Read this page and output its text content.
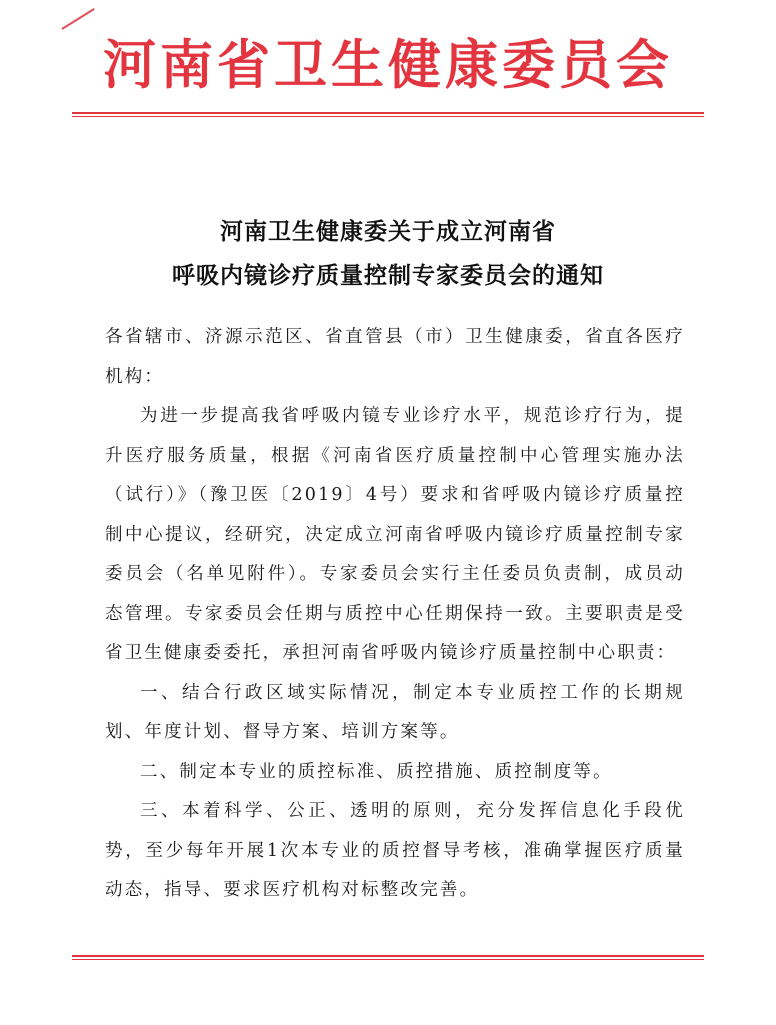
河南省卫生健康委员会
河南卫生健康委关于成立河南省
呼吸内镜诊疗质量控制专家委员会的通知

各省辖市、济源示范区、省直管县（市）卫生健康委，省直各医疗机构：

为进一步提高我省呼吸内镜专业诊疗水平，规范诊疗行为，提升医疗服务质量，根据《河南省医疗质量控制中心管理实施办法（试行）》（豫卫医〔2019〕4号）要求和省呼吸内镜诊疗质量控制中心提议，经研究，决定成立河南省呼吸内镜诊疗质量控制专家委员会（名单见附件）。专家委员会实行主任委员负责制，成员动态管理。专家委员会任期与质控中心任期保持一致。主要职责是受省卫生健康委委托，承担河南省呼吸内镜诊疗质量控制中心职责：

一、结合行政区域实际情况，制定本专业质控工作的长期规划、年度计划、督导方案、培训方案等。

二、制定本专业的质控标准、质控措施、质控制度等。

三、本着科学、公正、透明的原则，充分发挥信息化手段优势，至少每年开展1次本专业的质控督导考核，准确掌握医疗质量动态，指导、要求医疗机构对标整改完善。
